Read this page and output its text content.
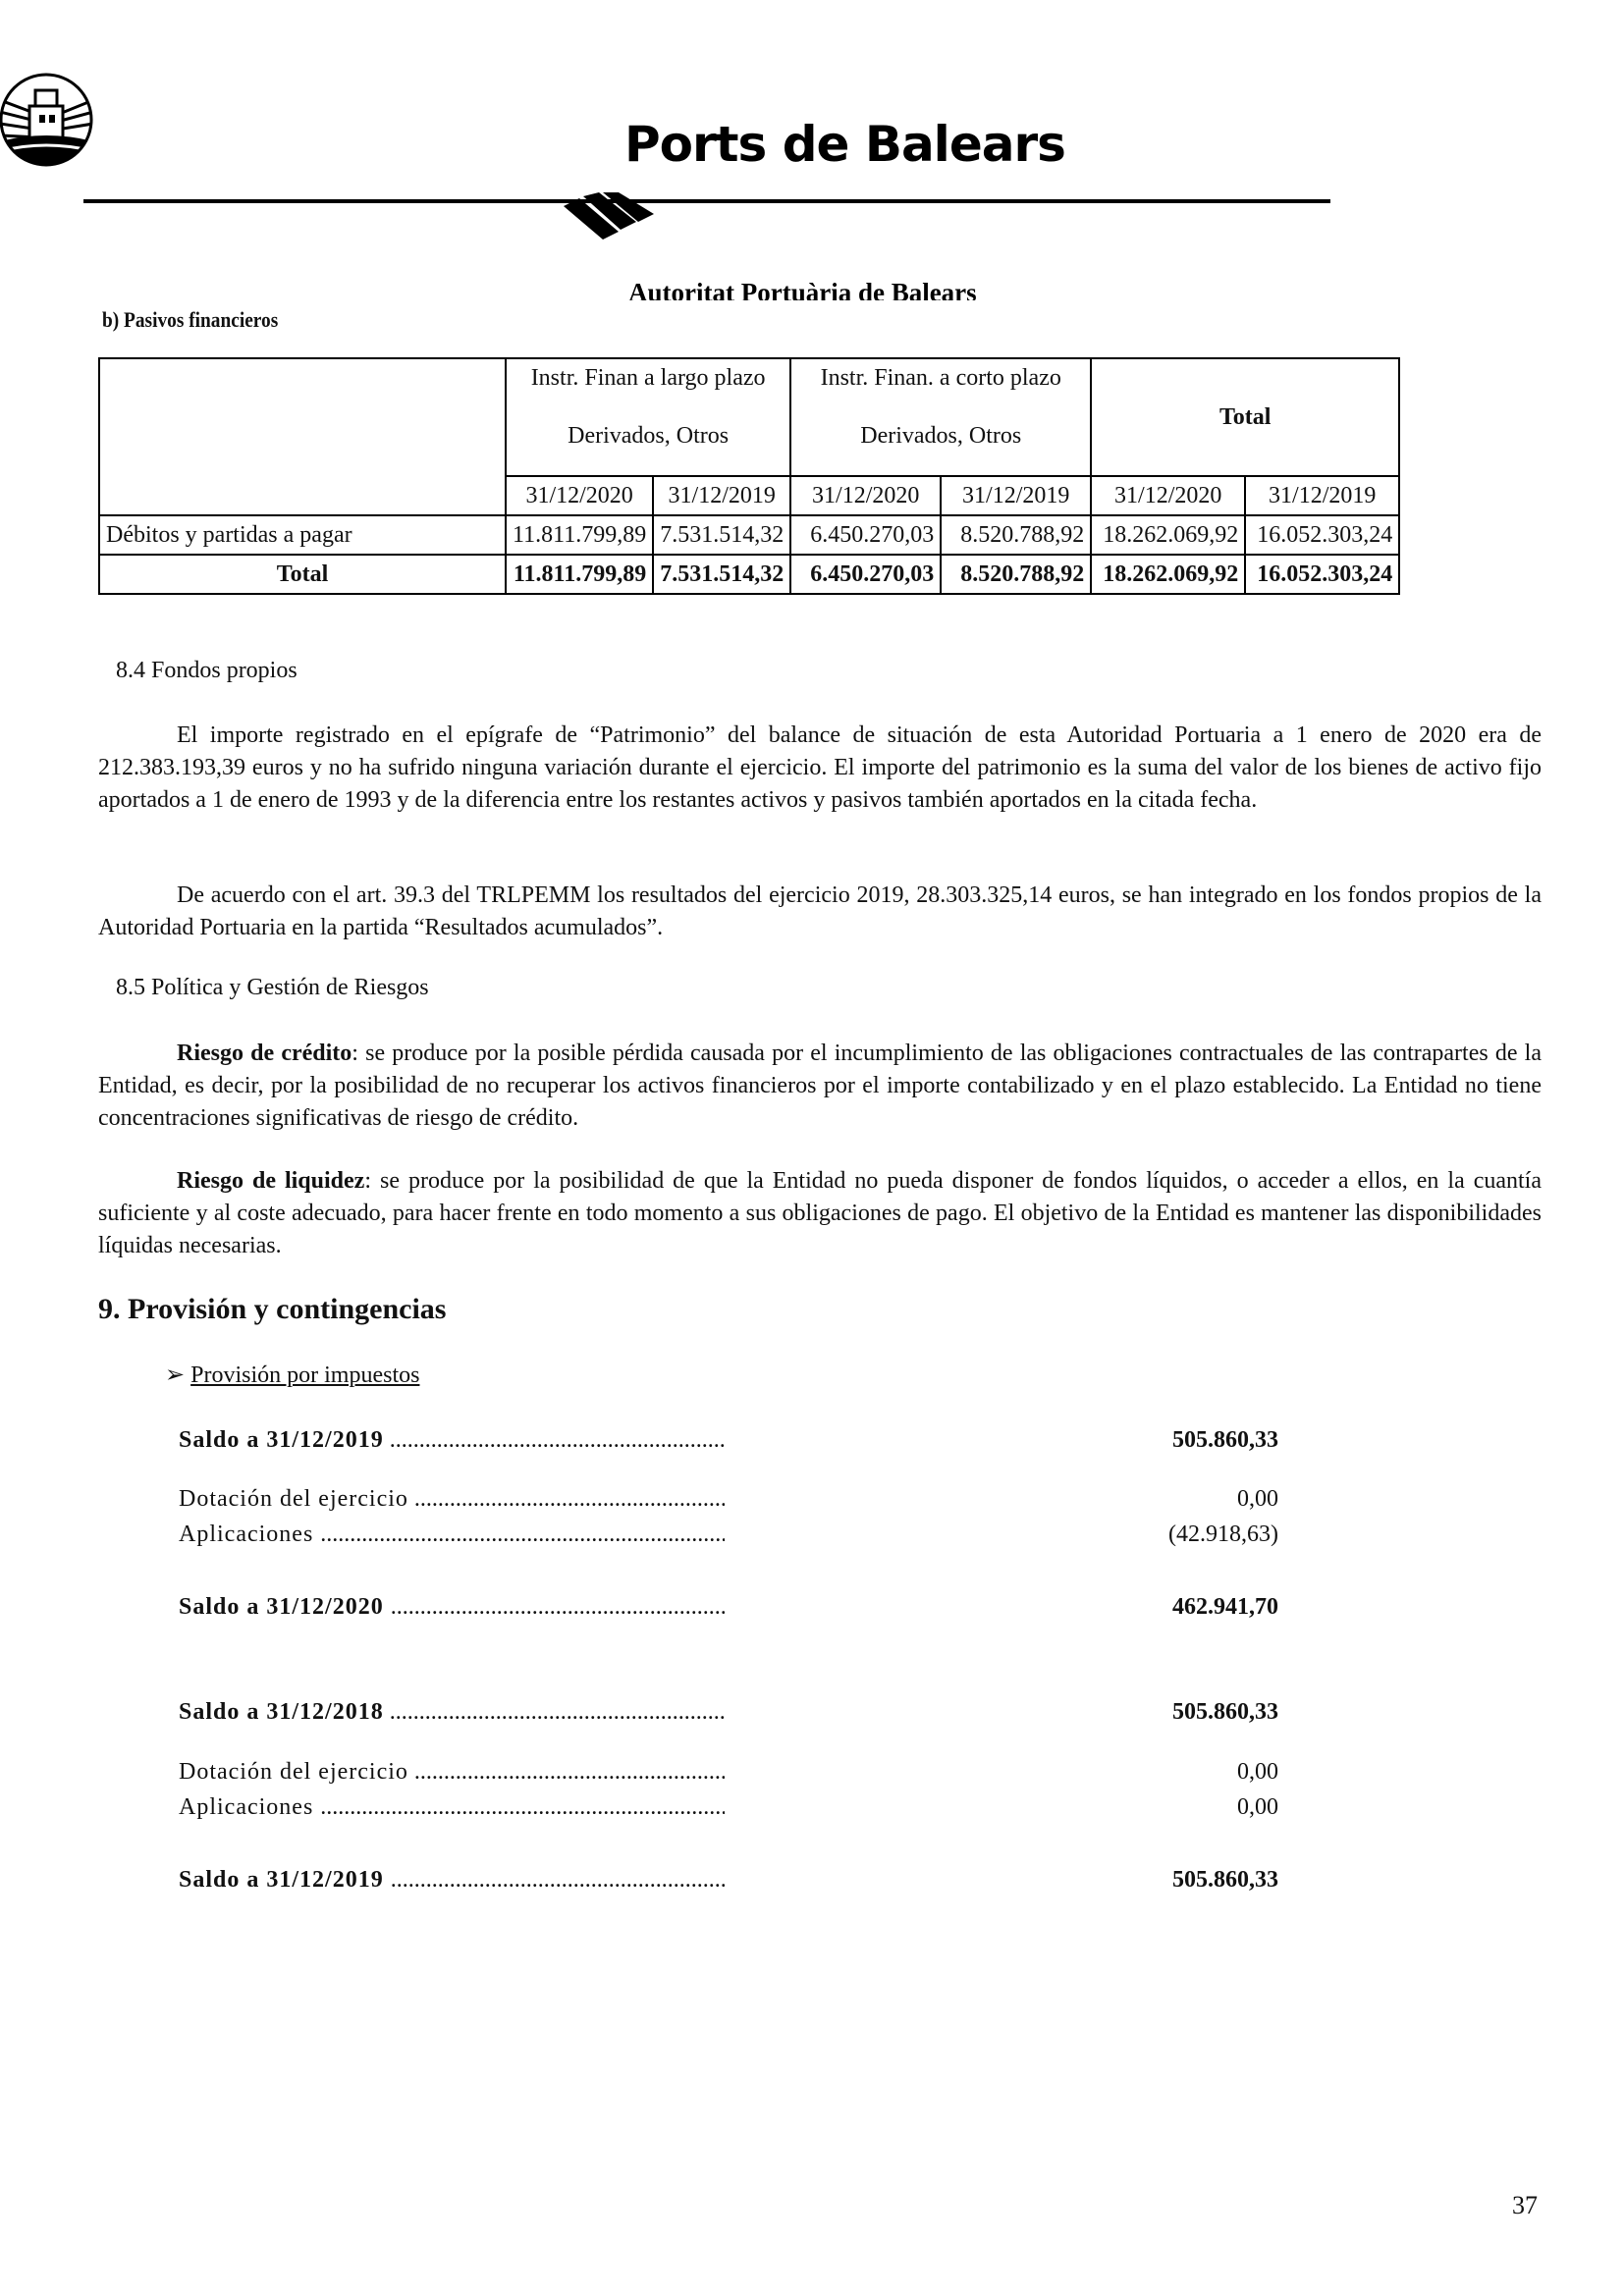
Ports de Balears
Autoritat Portuària de Balears
b) Pasivos financieros
	Instr. Finan a largo plazo		Instr. Finan. a corto plazo		Total	
	Derivados, Otros		Derivados, Otros			
	31/12/2020	31/12/2019	31/12/2020	31/12/2019	31/12/2020	31/12/2019
Débitos y partidas a pagar	11.811.799,89	7.531.514,32	6.450.270,03	8.520.788,92	18.262.069,92	16.052.303,24
Total	11.811.799,89	7.531.514,32	6.450.270,03	8.520.788,92	18.262.069,92	16.052.303,24
8.4 Fondos propios
El importe registrado en el epígrafe de “Patrimonio” del balance de situación de esta Autoridad Portuaria a 1 enero de 2020 era de 212.383.193,39 euros y no ha sufrido ninguna variación durante el ejercicio. El importe del patrimonio es la suma del valor de los bienes de activo fijo aportados a 1 de enero de 1993 y de la diferencia entre los restantes activos y pasivos también aportados en la citada fecha.
De acuerdo con el art. 39.3 del TRLPEMM los resultados del ejercicio 2019, 28.303.325,14 euros, se han integrado en los fondos propios de la Autoridad Portuaria en la partida “Resultados acumulados”.
8.5 Política y Gestión de Riesgos
Riesgo de crédito: se produce por la posible pérdida causada por el incumplimiento de las obligaciones contractuales de las contrapartes de la Entidad, es decir, por la posibilidad de no recuperar los activos financieros por el importe contabilizado y en el plazo establecido. La Entidad no tiene concentraciones significativas de riesgo de crédito.
Riesgo de liquidez: se produce por la posibilidad de que la Entidad no pueda disponer de fondos líquidos, o acceder a ellos, en la cuantía suficiente y al coste adecuado, para hacer frente en todo momento a sus obligaciones de pago. El objetivo de la Entidad es mantener las disponibilidades líquidas necesarias.
9. Provisión y contingencias
➢ Provisión por impuestos
Saldo a 31/12/2019 .....	505.860,33
Dotación del ejercicio .....	0,00
Aplicaciones .....	(42.918,63)
Saldo a 31/12/2020 .....	462.941,70
Saldo a 31/12/2018 .....	505.860,33
Dotación del ejercicio .....	0,00
Aplicaciones .....	0,00
Saldo a 31/12/2019 .....	505.860,33
37
